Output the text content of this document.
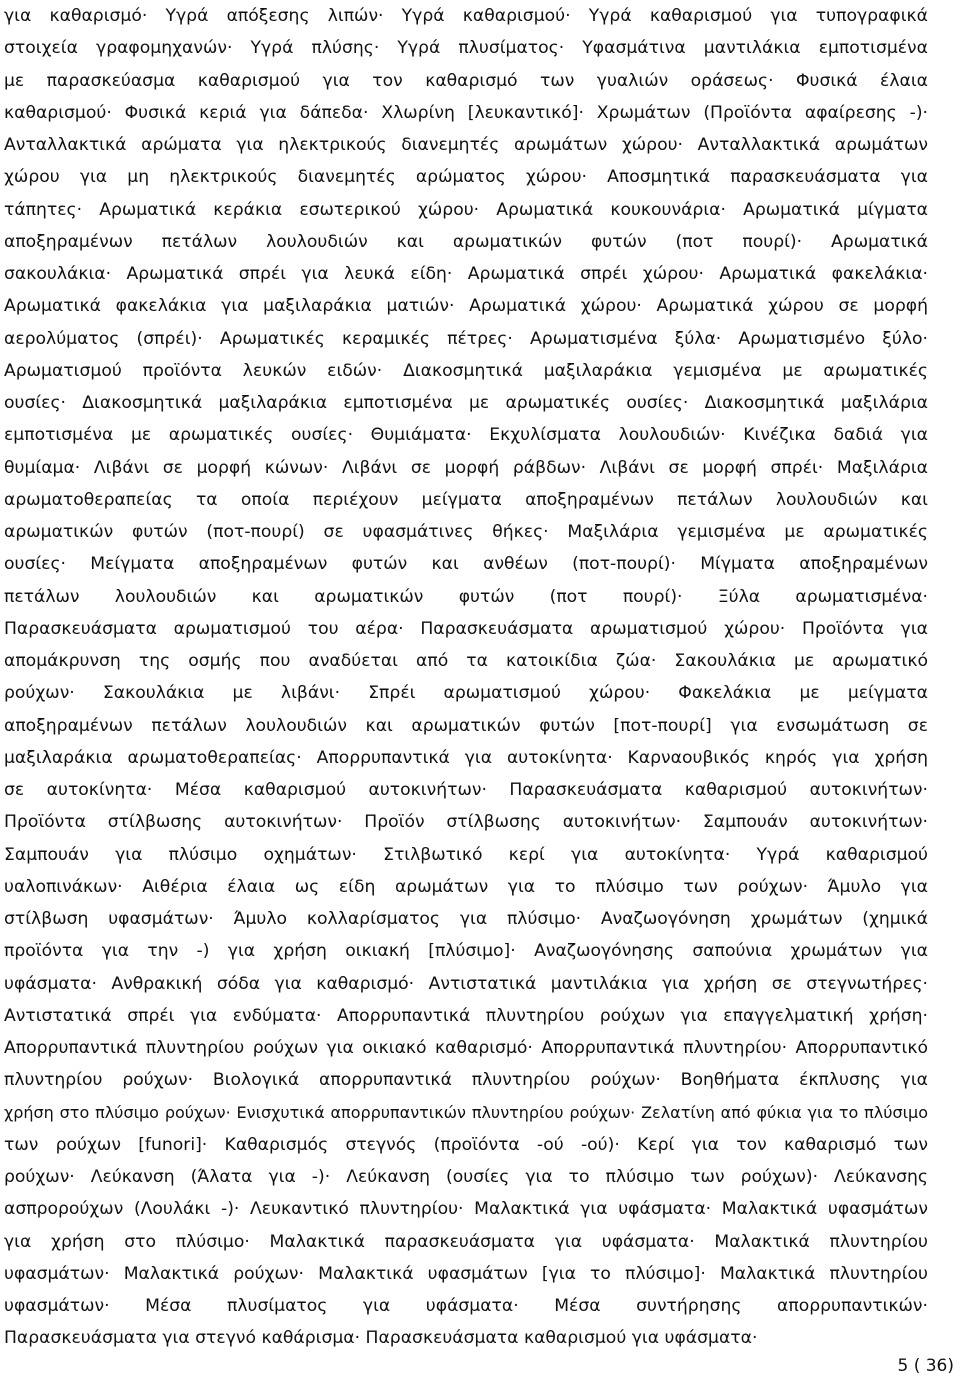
για καθαρισμό· Υγρά απόξεσης λιπών· Υγρά καθαρισμού· Υγρά καθαρισμού για τυπογραφικά
στοιχεία γραφομηχανών· Υγρά πλύσης· Υγρά πλυσίματος· Υφασμάτινα μαντιλάκια εμποτισμένα
με παρασκεύασμα καθαρισμού για τον καθαρισμό των γυαλιών οράσεως· Φυσικά έλαια
καθαρισμού· Φυσικά κεριά για δάπεδα· Χλωρίνη [λευκαντικό]· Χρωμάτων (Προϊόντα αφαίρεσης -)·
Ανταλλακτικά αρώματα για ηλεκτρικούς διανεμητές αρωμάτων χώρου· Ανταλλακτικά αρωμάτων
χώρου για μη ηλεκτρικούς διανεμητές αρώματος χώρου· Αποσμητικά παρασκευάσματα για
τάπητες· Αρωματικά κεράκια εσωτερικού χώρου· Αρωματικά κουκουνάρια· Αρωματικά μίγματα
αποξηραμένων πετάλων λουλουδιών και αρωματικών φυτών (ποτ πουρί)· Αρωματικά
σακουλάκια· Αρωματικά σπρέι για λευκά είδη· Αρωματικά σπρέι χώρου· Αρωματικά φακελάκια·
Αρωματικά φακελάκια για μαξιλαράκια ματιών· Αρωματικά χώρου· Αρωματικά χώρου σε μορφή
αερολύματος (σπρέι)· Αρωματικές κεραμικές πέτρες· Αρωματισμένα ξύλα· Αρωματισμένο ξύλο·
Αρωματισμού προϊόντα λευκών ειδών· Διακοσμητικά μαξιλαράκια γεμισμένα με αρωματικές
ουσίες· Διακοσμητικά μαξιλαράκια εμποτισμένα με αρωματικές ουσίες· Διακοσμητικά μαξιλάρια
εμποτισμένα με αρωματικές ουσίες· Θυμιάματα· Εκχυλίσματα λουλουδιών· Κινέζικα δαδιά για
θυμίαμα· Λιβάνι σε μορφή κώνων· Λιβάνι σε μορφή ράβδων· Λιβάνι σε μορφή σπρέι· Μαξιλάρια
αρωματοθεραπείας τα οποία περιέχουν μείγματα αποξηραμένων πετάλων λουλουδιών και
αρωματικών φυτών (ποτ-πουρί) σε υφασμάτινες θήκες· Μαξιλάρια γεμισμένα με αρωματικές
ουσίες· Μείγματα αποξηραμένων φυτών και ανθέων (ποτ-πουρί)· Μίγματα αποξηραμένων
πετάλων λουλουδιών και αρωματικών φυτών (ποτ πουρί)· Ξύλα αρωματισμένα·
Παρασκευάσματα αρωματισμού του αέρα· Παρασκευάσματα αρωματισμού χώρου· Προϊόντα για
απομάκρυνση της οσμής που αναδύεται από τα κατοικίδια ζώα· Σακουλάκια με αρωματικό
ρούχων· Σακουλάκια με λιβάνι· Σπρέι αρωματισμού χώρου· Φακελάκια με μείγματα
αποξηραμένων πετάλων λουλουδιών και αρωματικών φυτών [ποτ-πουρί] για ενσωμάτωση σε
μαξιλαράκια αρωματοθεραπείας· Απορρυπαντικά για αυτοκίνητα· Καρναουβικός κηρός για χρήση
σε αυτοκίνητα· Μέσα καθαρισμού αυτοκινήτων· Παρασκευάσματα καθαρισμού αυτοκινήτων·
Προϊόντα στίλβωσης αυτοκινήτων· Προϊόν στίλβωσης αυτοκινήτων· Σαμπουάν αυτοκινήτων·
Σαμπουάν για πλύσιμο οχημάτων· Στιλβωτικό κερί για αυτοκίνητα· Υγρά καθαρισμού
υαλοπινάκων· Αιθέρια έλαια ως είδη αρωμάτων για το πλύσιμο των ρούχων· Άμυλο για
στίλβωση υφασμάτων· Άμυλο κολλαρίσματος για πλύσιμο· Αναζωογόνηση χρωμάτων (χημικά
προϊόντα για την -) για χρήση οικιακή [πλύσιμο]· Αναζωογόνησης σαπούνια χρωμάτων για
υφάσματα· Ανθρακική σόδα για καθαρισμό· Αντιστατικά μαντιλάκια για χρήση σε στεγνωτήρες·
Αντιστατικά σπρέι για ενδύματα· Απορρυπαντικά πλυντηρίου ρούχων για επαγγελματική χρήση·
Απορρυπαντικά πλυντηρίου ρούχων για οικιακό καθαρισμό· Απορρυπαντικά πλυντηρίου· Απορρυπαντικό
πλυντηρίου ρούχων· Βιολογικά απορρυπαντικά πλυντηρίου ρούχων· Βοηθήματα έκπλυσης για
χρήση στο πλύσιμο ρούχων· Ενισχυτικά απορρυπαντικών πλυντηρίου ρούχων· Ζελατίνη από φύκια για το πλύσιμο
των ρούχων [funori]· Καθαρισμός στεγνός (προϊόντα -ού -ού)· Κερί για τον καθαρισμό των
ρούχων· Λεύκανση (Άλατα για -)· Λεύκανση (ουσίες για το πλύσιμο των ρούχων)· Λεύκανσης
ασπρορούχων (Λουλάκι -)· Λευκαντικό πλυντηρίου· Μαλακτικά για υφάσματα· Μαλακτικά υφασμάτων
για χρήση στο πλύσιμο· Μαλακτικά παρασκευάσματα για υφάσματα· Μαλακτικά πλυντηρίου
υφασμάτων· Μαλακτικά ρούχων· Μαλακτικά υφασμάτων [για το πλύσιμο]· Μαλακτικά πλυντηρίου
υφασμάτων· Μέσα πλυσίματος για υφάσματα· Μέσα συντήρησης απορρυπαντικών·
Παρασκευάσματα για στεγνό καθάρισμα· Παρασκευάσματα καθαρισμού για υφάσματα·
5 ( 36)
